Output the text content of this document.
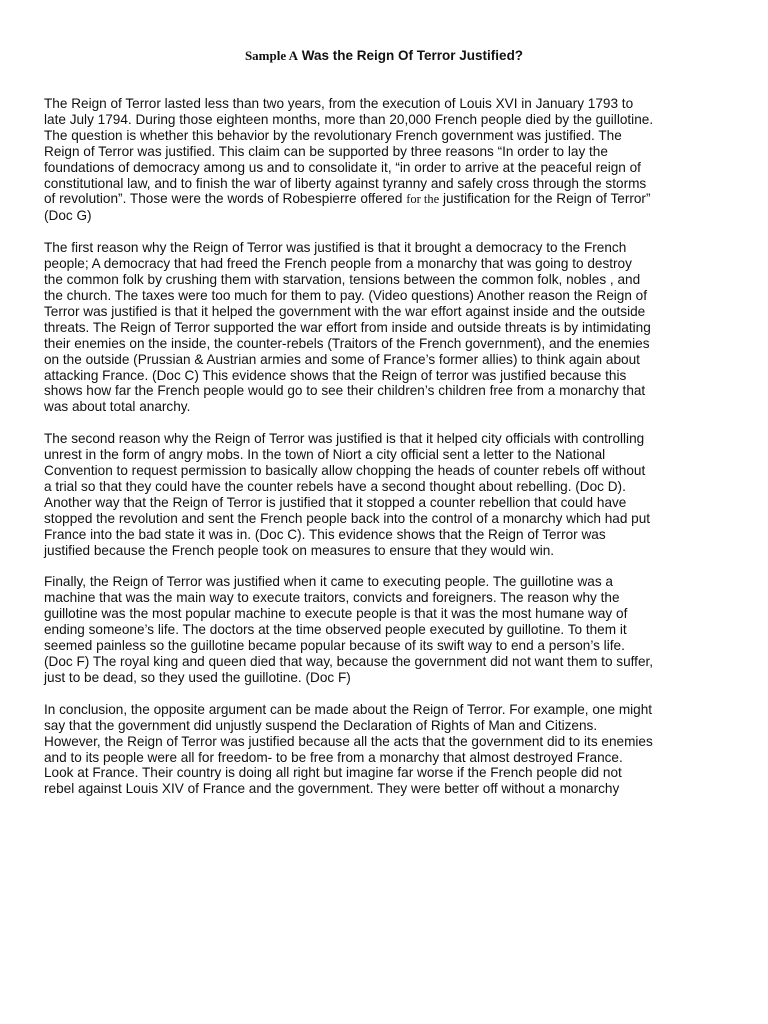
Sample A Was the Reign Of Terror Justified?

The Reign of Terror lasted less than two years, from the execution of Louis XVI in January 1793 to
late July 1794. During those eighteen months, more than 20,000 French people died by the guillotine.
The question is whether this behavior by the revolutionary French government was justified. The
Reign of Terror was justified. This claim can be supported by three reasons “In order to lay the
foundations of democracy among us and to consolidate it, “in order to arrive at the peaceful reign of
constitutional law, and to finish the war of liberty against tyranny and safely cross through the storms
of revolution”. Those were the words of Robespierre offered for the justification for the Reign of Terror”
(Doc G)

The first reason why the Reign of Terror was justified is that it brought a democracy to the French
people; A democracy that had freed the French people from a monarchy that was going to destroy
the common folk by crushing them with starvation, tensions between the common folk, nobles , and
the church. The taxes were too much for them to pay. (Video questions) Another reason the Reign of
Terror was justified is that it helped the government with the war effort against inside and the outside
threats. The Reign of Terror supported the war effort from inside and outside threats is by intimidating
their enemies on the inside, the counter-rebels (Traitors of the French government), and the enemies
on the outside (Prussian & Austrian armies and some of France’s former allies) to think again about
attacking France. (Doc C) This evidence shows that the Reign of terror was justified because this
shows how far the French people would go to see their children’s children free from a monarchy that
was about total anarchy.

The second reason why the Reign of Terror was justified is that it helped city officials with controlling
unrest in the form of angry mobs. In the town of Niort a city official sent a letter to the National
Convention to request permission to basically allow chopping the heads of counter rebels off without
a trial so that they could have the counter rebels have a second thought about rebelling. (Doc D).
Another way that the Reign of Terror is justified that it stopped a counter rebellion that could have
stopped the revolution and sent the French people back into the control of a monarchy which had put
France into the bad state it was in. (Doc C). This evidence shows that the Reign of Terror was
justified because the French people took on measures to ensure that they would win.

Finally, the Reign of Terror was justified when it came to executing people. The guillotine was a
machine that was the main way to execute traitors, convicts and foreigners. The reason why the
guillotine was the most popular machine to execute people is that it was the most humane way of
ending someone’s life. The doctors at the time observed people executed by guillotine. To them it
seemed painless so the guillotine became popular because of its swift way to end a person’s life.
(Doc F) The royal king and queen died that way, because the government did not want them to suffer,
just to be dead, so they used the guillotine. (Doc F)

In conclusion, the opposite argument can be made about the Reign of Terror. For example, one might
say that the government did unjustly suspend the Declaration of Rights of Man and Citizens.
However, the Reign of Terror was justified because all the acts that the government did to its enemies
and to its people were all for freedom- to be free from a monarchy that almost destroyed France.
Look at France. Their country is doing all right but imagine far worse if the French people did not
rebel against Louis XIV of France and the government. They were better off without a monarchy
